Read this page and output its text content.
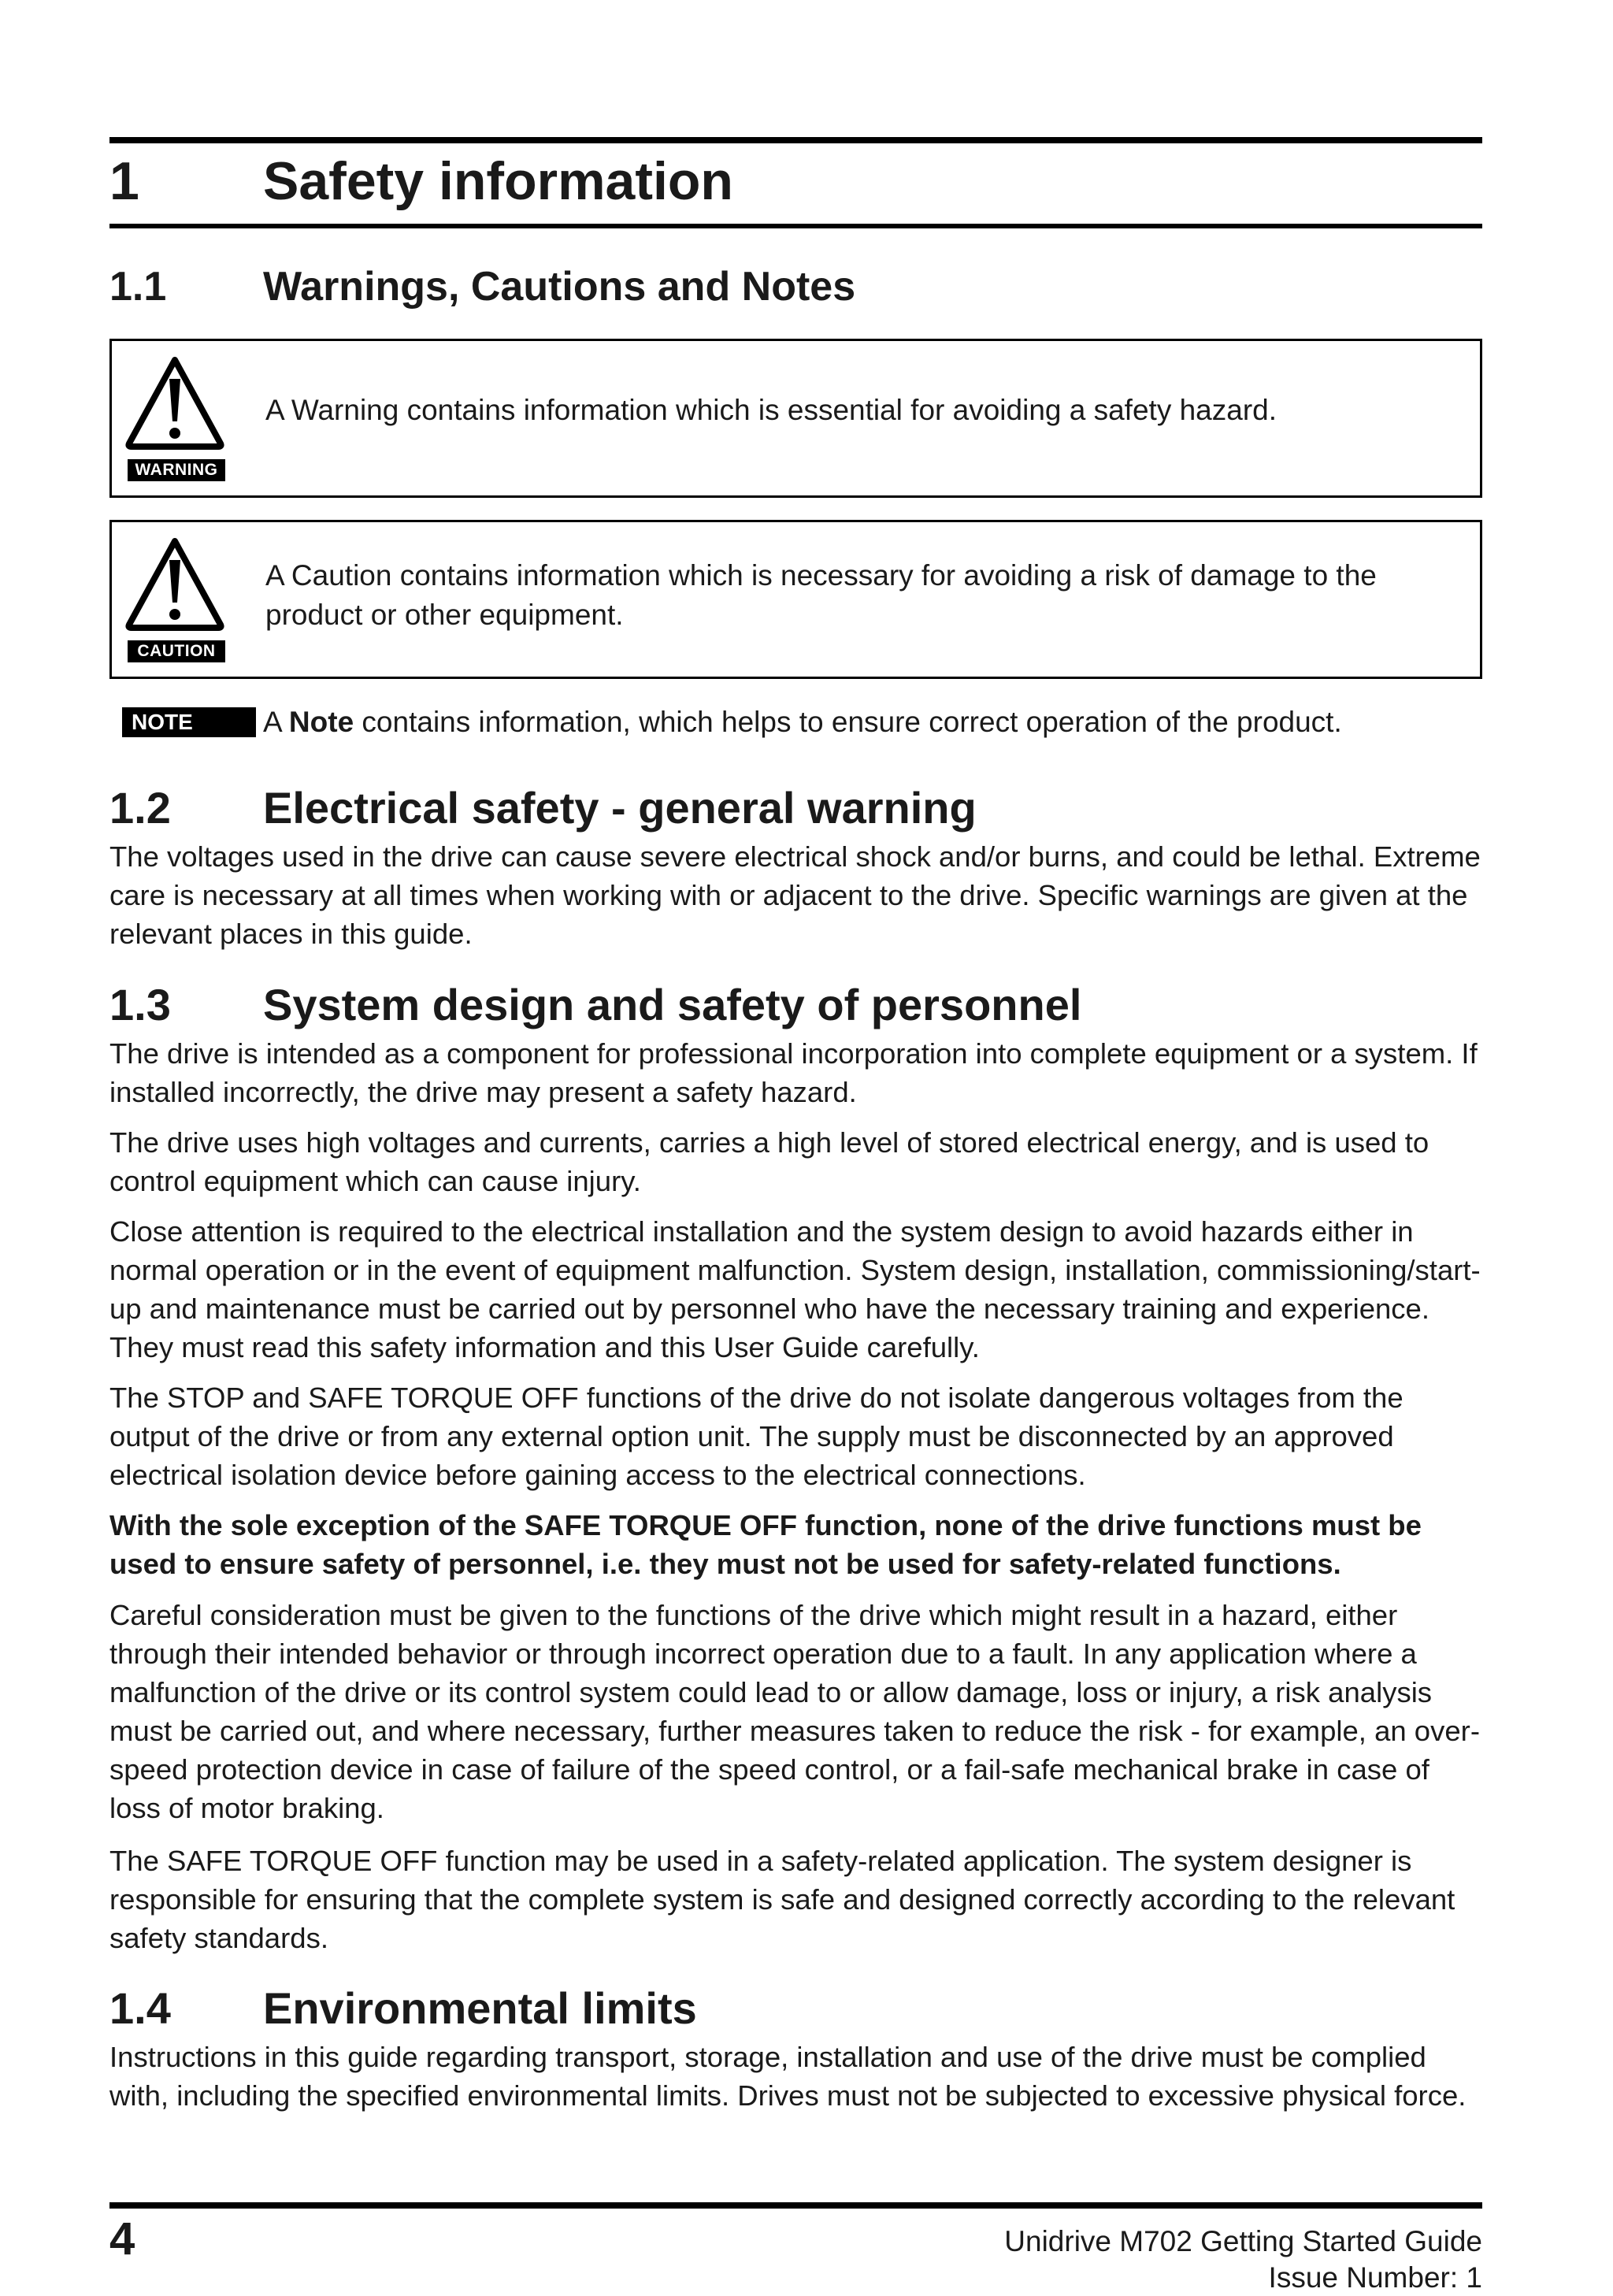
1 Safety information
1.1 Warnings, Cautions and Notes
WARNING

A Warning contains information which is essential for avoiding a safety hazard.

CAUTION

A Caution contains information which is necessary for avoiding a risk of damage to the product or other equipment.

NOTE	A Note contains information, which helps to ensure correct operation of the product.

1.2 Electrical safety - general warning

The voltages used in the drive can cause severe electrical shock and/or burns, and could be lethal. Extreme care is necessary at all times when working with or adjacent to the drive. Specific warnings are given at the relevant places in this guide.

1.3 System design and safety of personnel

The drive is intended as a component for professional incorporation into complete equipment or a system. If installed incorrectly, the drive may present a safety hazard.

The drive uses high voltages and currents, carries a high level of stored electrical energy, and is used to control equipment which can cause injury.

Close attention is required to the electrical installation and the system design to avoid hazards either in normal operation or in the event of equipment malfunction. System design, installation, commissioning/start-up and maintenance must be carried out by personnel who have the necessary training and experience. They must read this safety information and this User Guide carefully.

The STOP and SAFE TORQUE OFF functions of the drive do not isolate dangerous voltages from the output of the drive or from any external option unit. The supply must be disconnected by an approved electrical isolation device before gaining access to the electrical connections.

With the sole exception of the SAFE TORQUE OFF function, none of the drive functions must be used to ensure safety of personnel, i.e. they must not be used for safety-related functions.

Careful consideration must be given to the functions of the drive which might result in a hazard, either through their intended behavior or through incorrect operation due to a fault. In any application where a malfunction of the drive or its control system could lead to or allow damage, loss or injury, a risk analysis must be carried out, and where necessary, further measures taken to reduce the risk - for example, an over-speed protection device in case of failure of the speed control, or a fail-safe mechanical brake in case of loss of motor braking.

The SAFE TORQUE OFF function may be used in a safety-related application. The system designer is responsible for ensuring that the complete system is safe and designed correctly according to the relevant safety standards.

1.4 Environmental limits

Instructions in this guide regarding transport, storage, installation and use of the drive must be complied with, including the specified environmental limits. Drives must not be subjected to excessive physical force.

4	Unidrive M702 Getting Started Guide
Issue Number: 1
